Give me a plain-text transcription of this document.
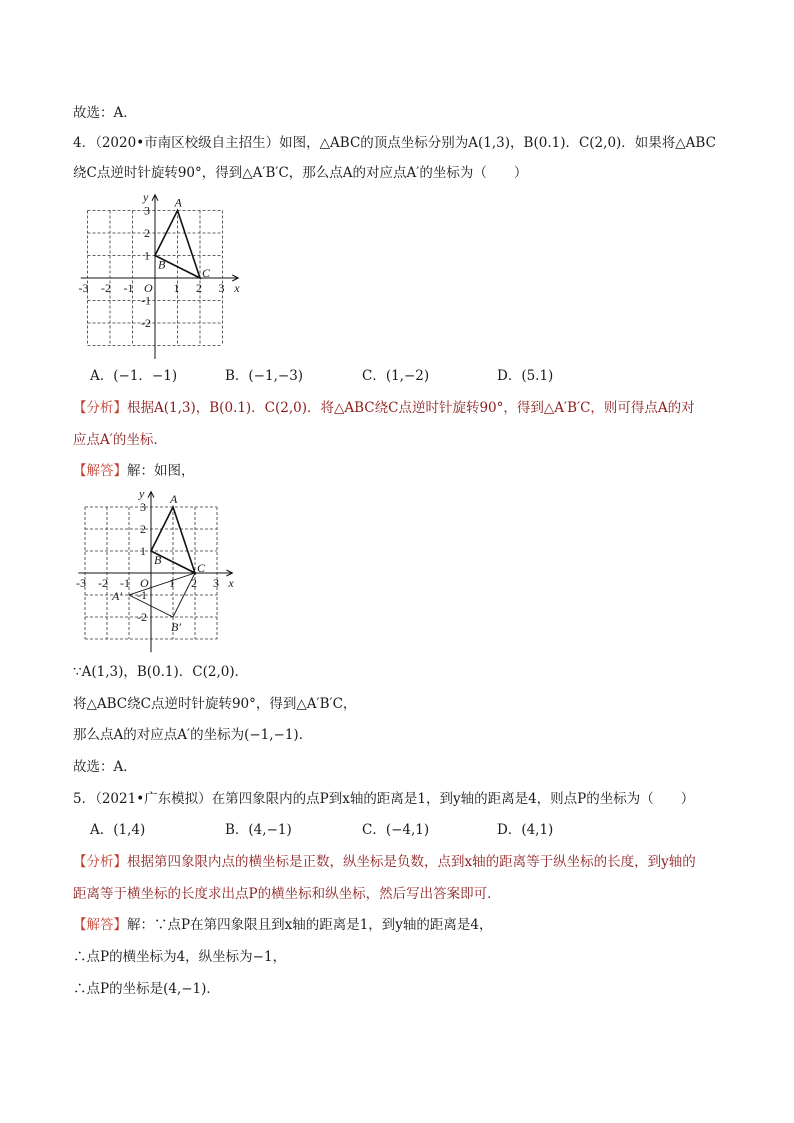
故选：A．
4．（2020•市南区校级自主招生）如图，△ABC的顶点坐标分别为A(1,3)，B(0.1)．C(2,0)．如果将△ABC
绕C点逆时针旋转90°，得到△A′B′C，那么点A的对应点A′的坐标为（　　）
x
y
-3 -2 -1	1 2 3
3
2
1
-1
-2
O
A
B
C
A．(−1．−1)	B．(−1,−3)	C．(1,−2)	D．(5.1)
【分析】根据A(1,3)，B(0.1)．C(2,0)．将△ABC绕C点逆时针旋转90°，得到△A′B′C，则可得点A的对
应点A′的坐标．
【解答】解：如图，
x
y
-3 -2 -1	1 2 3
3
2
1
-1
-2
O
A
B
C
A′
B′
∵A(1,3)，B(0.1)．C(2,0)．
将△ABC绕C点逆时针旋转90°，得到△A′B′C，
那么点A的对应点A′的坐标为(−1,−1)．
故选：A．
5．（2021•广东模拟）在第四象限内的点P到x轴的距离是1，到y轴的距离是4，则点P的坐标为（　　）
A．(1,4)	B．(4,−1)	C．(−4,1)	D．(4,1)
【分析】根据第四象限内点的横坐标是正数，纵坐标是负数，点到x轴的距离等于纵坐标的长度，到y轴的
距离等于横坐标的长度求出点P的横坐标和纵坐标，然后写出答案即可．
【解答】解：∵点P在第四象限且到x轴的距离是1，到y轴的距离是4，
∴点P的横坐标为4，纵坐标为−1，
∴点P的坐标是(4,−1)．
